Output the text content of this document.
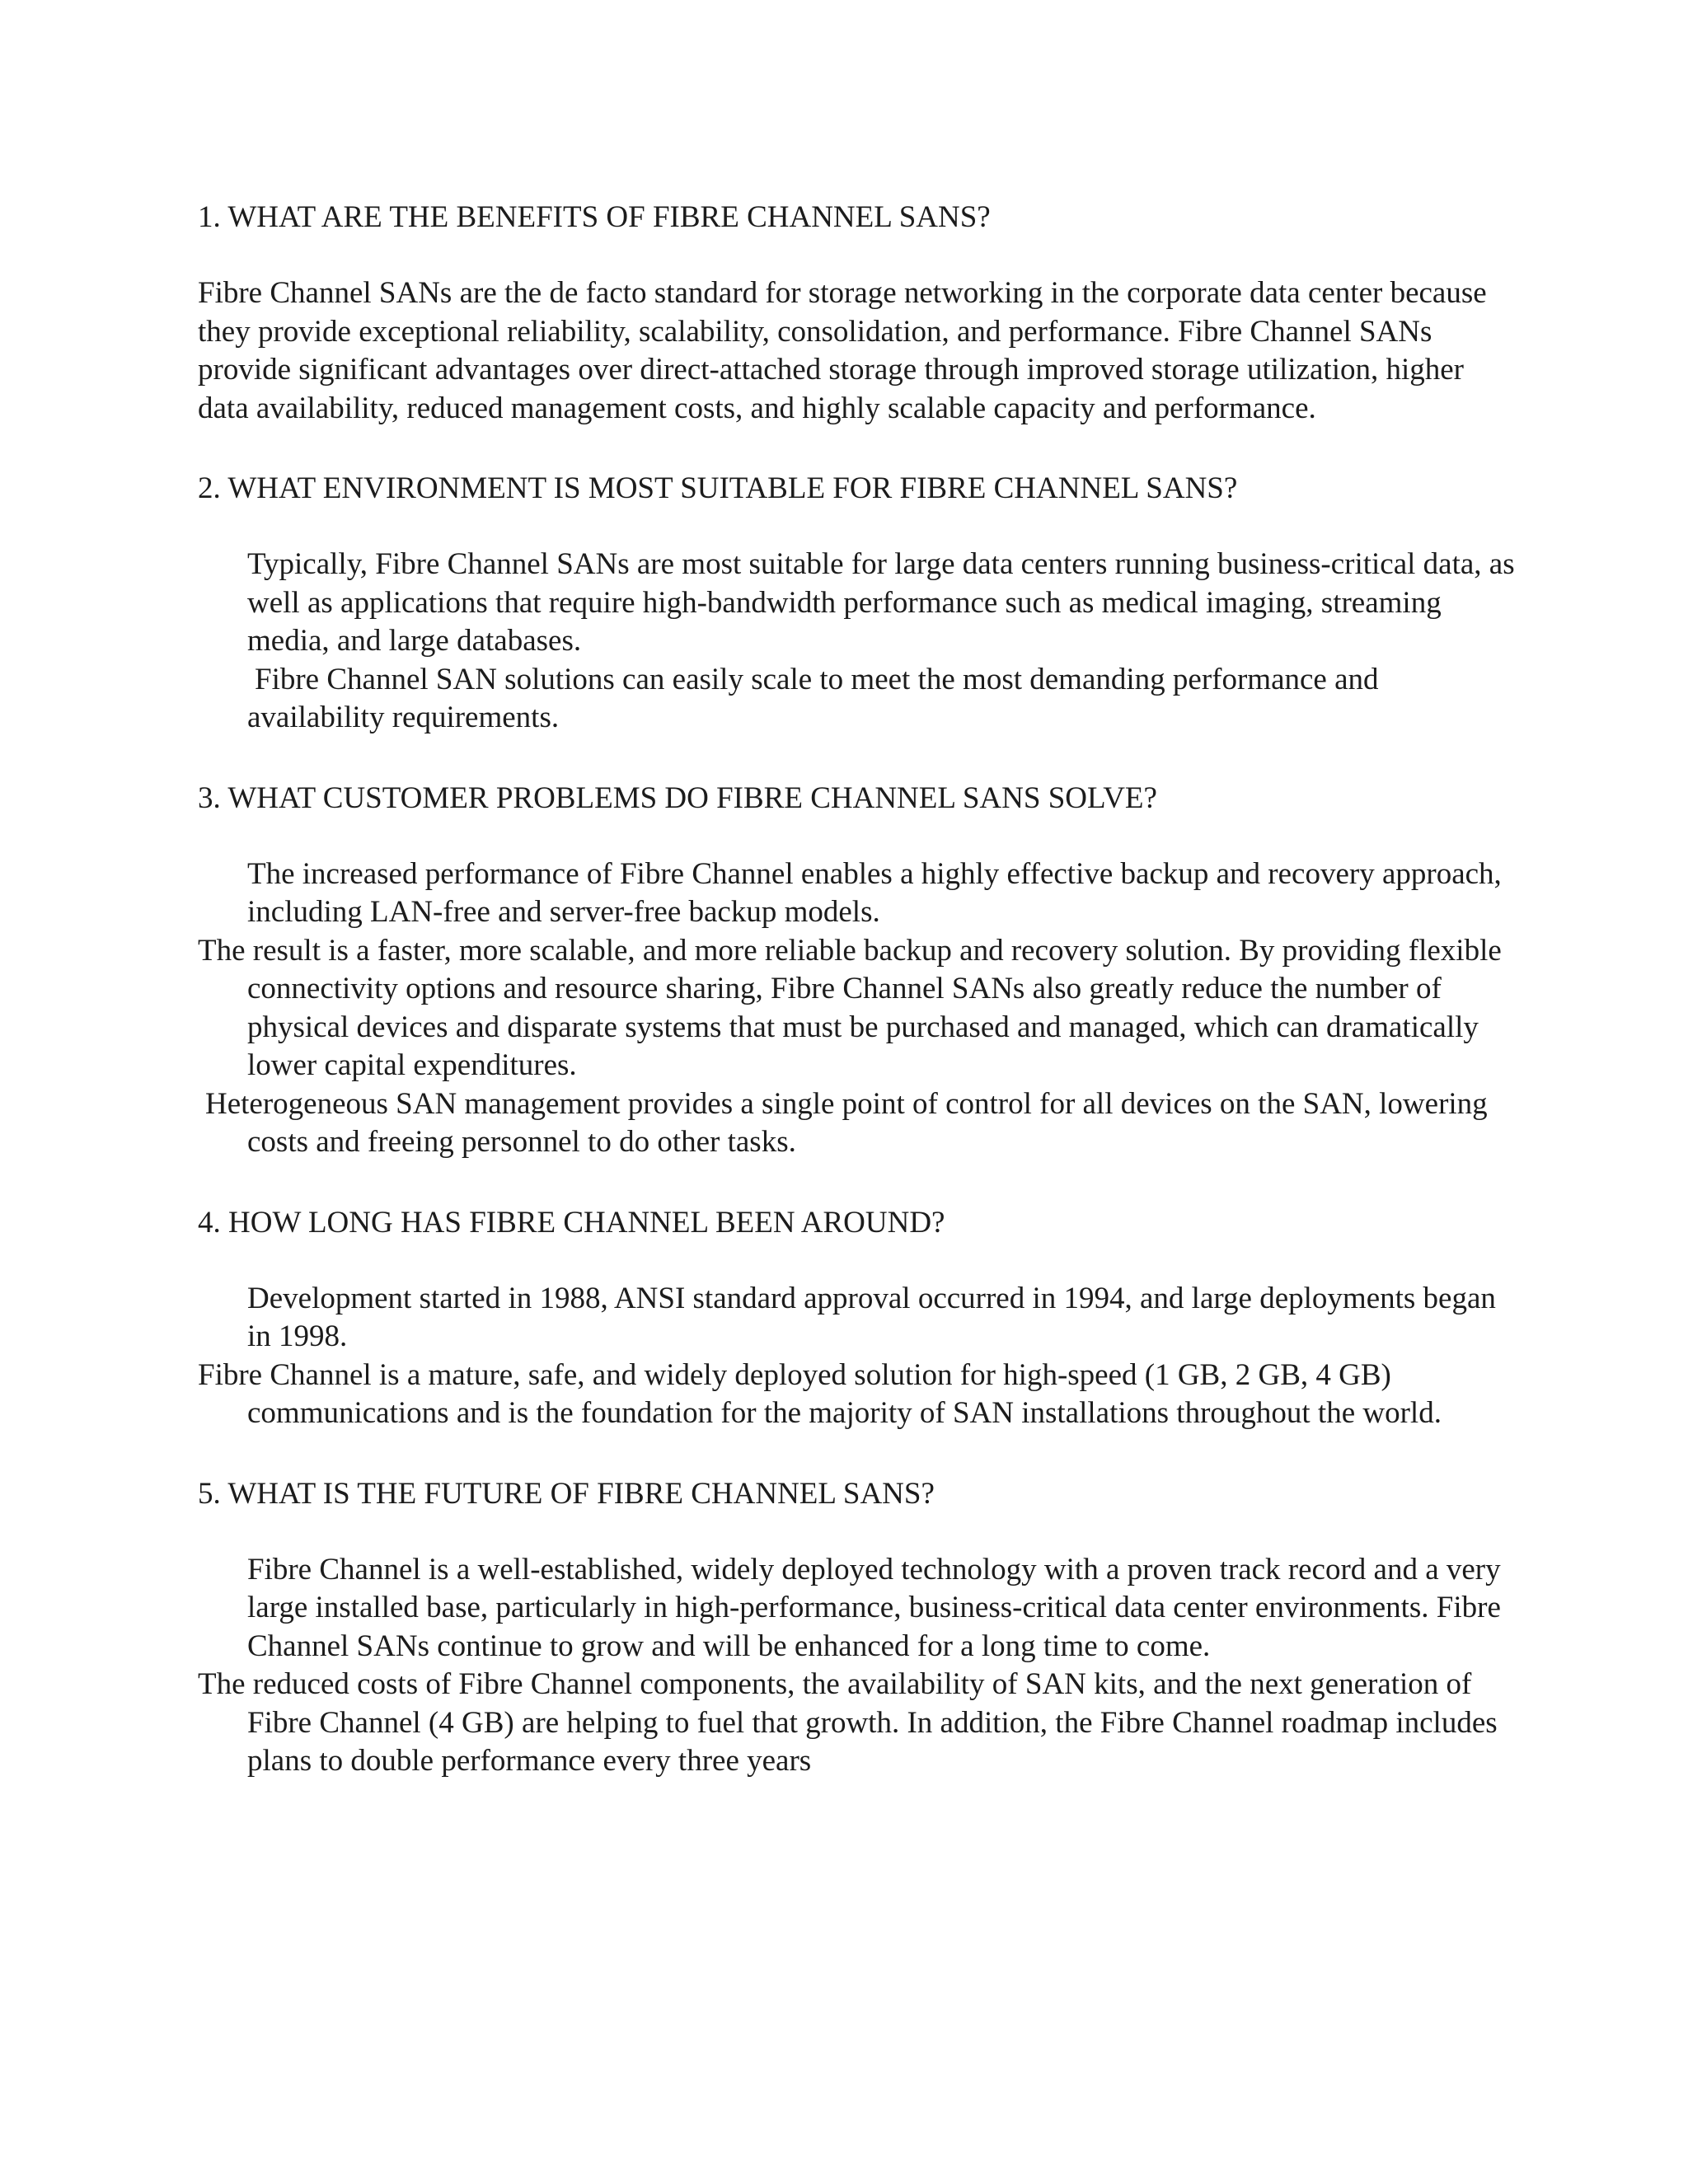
1. WHAT ARE THE BENEFITS OF FIBRE CHANNEL SANS?

Fibre Channel SANs are the de facto standard for storage networking in the corporate data center because they provide exceptional reliability, scalability, consolidation, and performance. Fibre Channel SANs provide significant advantages over direct-attached storage through improved storage utilization, higher data availability, reduced management costs, and highly scalable capacity and performance.

2. WHAT ENVIRONMENT IS MOST SUITABLE FOR FIBRE CHANNEL SANS?

Typically, Fibre Channel SANs are most suitable for large data centers running business-critical data, as well as applications that require high-bandwidth performance such as medical imaging, streaming media, and large databases.

Fibre Channel SAN solutions can easily scale to meet the most demanding performance and availability requirements.

3. WHAT CUSTOMER PROBLEMS DO FIBRE CHANNEL SANS SOLVE?

The increased performance of Fibre Channel enables a highly effective backup and recovery approach, including LAN-free and server-free backup models.

The result is a faster, more scalable, and more reliable backup and recovery solution. By providing flexible connectivity options and resource sharing, Fibre Channel SANs also greatly reduce the number of physical devices and disparate systems that must be purchased and managed, which can dramatically lower capital expenditures.

Heterogeneous SAN management provides a single point of control for all devices on the SAN, lowering costs and freeing personnel to do other tasks.

4. HOW LONG HAS FIBRE CHANNEL BEEN AROUND?

Development started in 1988, ANSI standard approval occurred in 1994, and large deployments began in 1998.

Fibre Channel is a mature, safe, and widely deployed solution for high-speed (1 GB, 2 GB, 4 GB) communications and is the foundation for the majority of SAN installations throughout the world.

5. WHAT IS THE FUTURE OF FIBRE CHANNEL SANS?

Fibre Channel is a well-established, widely deployed technology with a proven track record and a very large installed base, particularly in high-performance, business-critical data center environments. Fibre Channel SANs continue to grow and will be enhanced for a long time to come.

The reduced costs of Fibre Channel components, the availability of SAN kits, and the next generation of Fibre Channel (4 GB) are helping to fuel that growth. In addition, the Fibre Channel roadmap includes plans to double performance every three years
